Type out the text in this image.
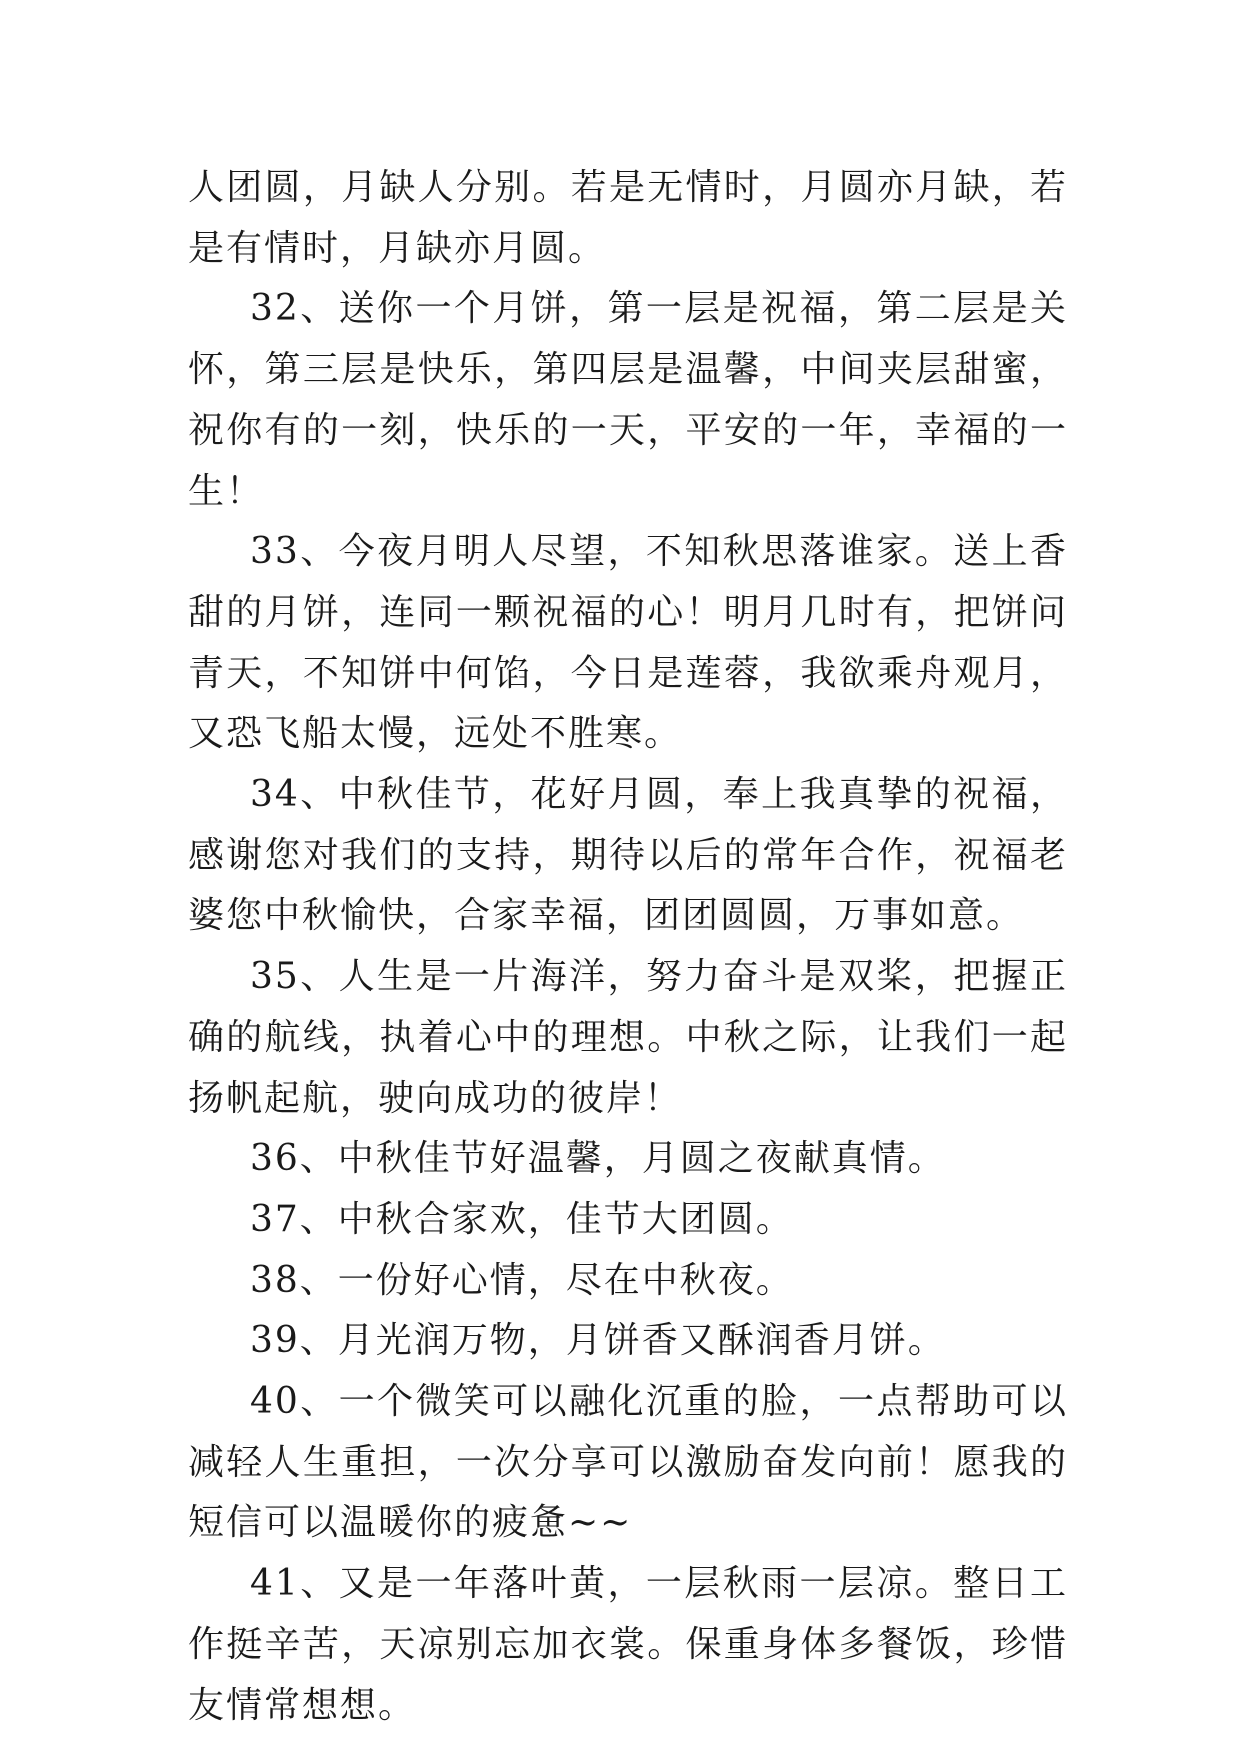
人团圆，月缺人分别。若是无情时，月圆亦月缺，若是有情时，月缺亦月圆。

32、送你一个月饼，第一层是祝福，第二层是关怀，第三层是快乐，第四层是温馨，中间夹层甜蜜，祝你有的一刻，快乐的一天，平安的一年，幸福的一生！

33、今夜月明人尽望，不知秋思落谁家。送上香甜的月饼，连同一颗祝福的心！明月几时有，把饼问青天，不知饼中何馅，今日是莲蓉，我欲乘舟观月，又恐飞船太慢，远处不胜寒。

34、中秋佳节，花好月圆，奉上我真挚的祝福，感谢您对我们的支持，期待以后的常年合作，祝福老婆您中秋愉快，合家幸福，团团圆圆，万事如意。

35、人生是一片海洋，努力奋斗是双桨，把握正确的航线，执着心中的理想。中秋之际，让我们一起扬帆起航，驶向成功的彼岸！

36、中秋佳节好温馨，月圆之夜献真情。

37、中秋合家欢，佳节大团圆。

38、一份好心情，尽在中秋夜。

39、月光润万物，月饼香又酥润香月饼。

40、一个微笑可以融化沉重的脸，一点帮助可以减轻人生重担，一次分享可以激励奋发向前！愿我的短信可以温暖你的疲惫~~

41、又是一年落叶黄，一层秋雨一层凉。整日工作挺辛苦，天凉别忘加衣裳。保重身体多餐饭，珍惜友情常想想。
